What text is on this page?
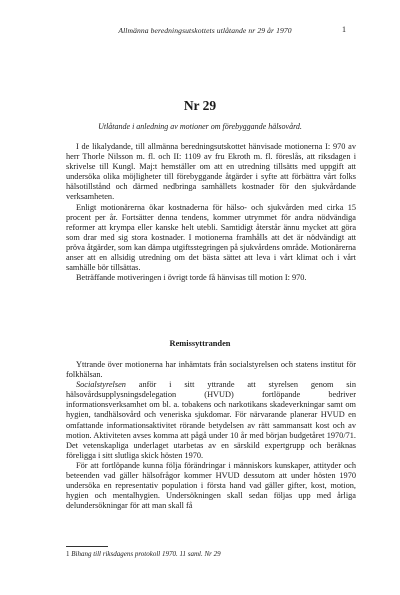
Allmänna beredningsutskottets utlåtande nr 29 år 1970	1
Nr 29
Utlåtande i anledning av motioner om förebyggande hälsovård.

I de likalydande, till allmänna beredningsutskottet hänvisade motionerna I: 970 av herr Thorle Nilsson m. fl. och II: 1109 av fru Ekroth m. fl. föreslås, att riksdagen i skrivelse till Kungl. Maj:t hemställer om att en utredning tillsätts med uppgift att undersöka olika möjligheter till förebyggande åtgärder i syfte att förbättra vårt folks hälsotillstånd och därmed nedbringa samhällets kostnader för den sjukvårdande verksamheten.

Enligt motionärerna ökar kostnaderna för hälso- och sjukvården med cirka 15 procent per år. Fortsätter denna tendens, kommer utrymmet för andra nödvändiga reformer att krympa eller kanske helt utebli. Samtidigt återstår ännu mycket att göra som drar med sig stora kostnader. I motionerna framhålls att det är nödvändigt att pröva åtgärder, som kan dämpa utgiftsstegringen på sjukvårdens område. Motionärerna anser att en allsidig utredning om det bästa sättet att leva i vårt klimat och i vårt samhälle bör tillsättas.

Beträffande motiveringen i övrigt torde få hänvisas till motion I: 970.

Remissyttranden

Yttrande över motionerna har inhämtats från socialstyrelsen och statens institut för folkhälsan.

Socialstyrelsen anför i sitt yttrande att styrelsen genom sin hälsovårdsupplysningsdelegation (HVUD) fortlöpande bedriver informationsverksamhet om bl. a. tobakens och narkotikans skadeverkningar samt om hygien, tandhälsovård och veneriska sjukdomar. För närvarande planerar HVUD en omfattande informationsaktivitet rörande betydelsen av rätt sammansatt kost och av motion. Aktiviteten avses komma att pågå under 10 år med början budgetåret 1970/71. Det vetenskapliga underlaget utarbetas av en särskild expertgrupp och beräknas föreligga i sitt slutliga skick hösten 1970.

För att fortlöpande kunna följa förändringar i människors kunskaper, attityder och beteenden vad gäller hälsofrågor kommer HVUD dessutom att under hösten 1970 undersöka en representativ population i första hand vad gäller gifter, kost, motion, hygien och mentalhygien. Undersökningen skall sedan följas upp med årliga delundersökningar för att man skall få

1 Bihang till riksdagens protokoll 1970. 11 saml. Nr 29
